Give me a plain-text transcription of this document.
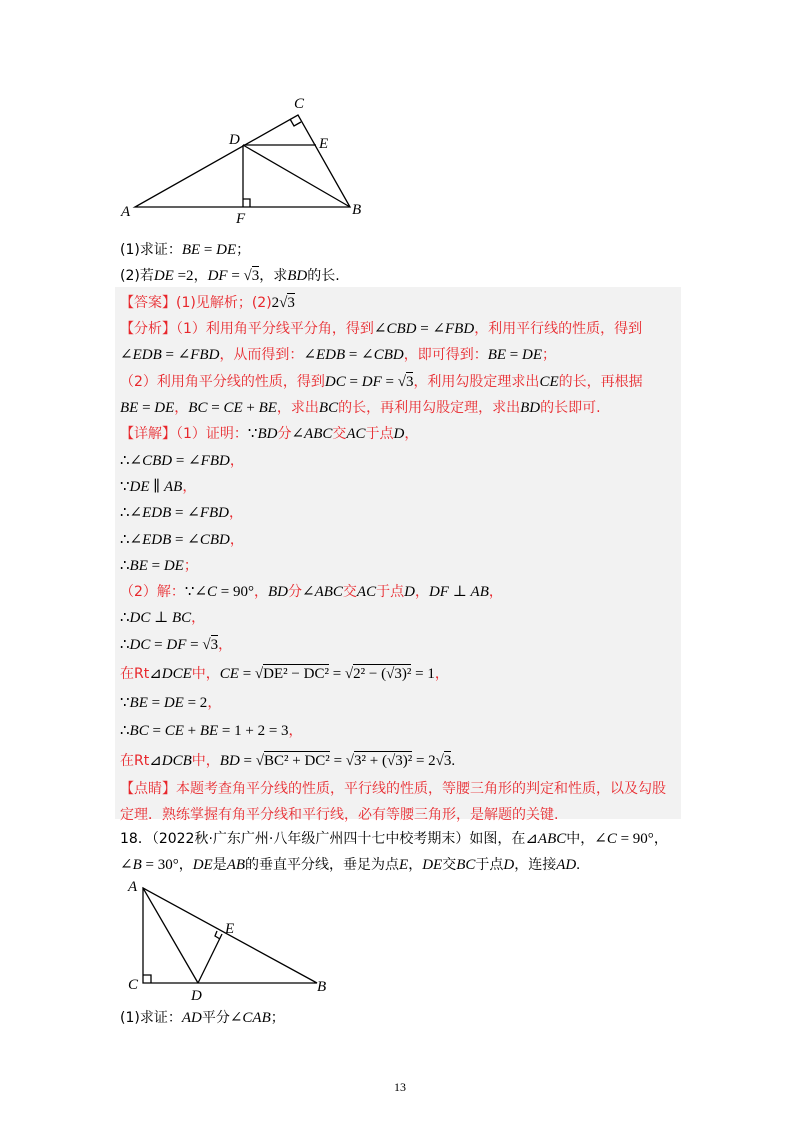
A	B
C
D	E
F
A
B
C
D
E
(1)求证：BE = DE；
(2)若DE =2，DF = √3，求BD的长.
【答案】(1)见解析；(2)2√3
【分析】（1）利用角平分线平分角，得到∠CBD = ∠FBD，利用平行线的性质，得到
∠EDB = ∠FBD，从而得到：∠EDB = ∠CBD，即可得到：BE = DE；
（2）利用角平分线的性质，得到DC = DF = √3，利用勾股定理求出CE的长，再根据
BE = DE，BC = CE + BE，求出BC的长，再利用勾股定理，求出BD的长即可.
【详解】（1）证明：∵BD分∠ABC交AC于点D，
∴∠CBD = ∠FBD，
∵DE ∥ AB，
∴∠EDB = ∠FBD，
∴∠EDB = ∠CBD，
∴BE = DE；
（2）解：∵∠C = 90°，BD分∠ABC交AC于点D，DF ⊥ AB，
∴DC ⊥ BC，
∴DC = DF = √3，
在Rt⊿DCE中，CE = √DE² − DC² = √2² − (√3)² = 1，
∵BE = DE = 2，
∴BC = CE + BE = 1 + 2 = 3，
在Rt⊿DCB中，BD = √BC² + DC² = √3² + (√3)² = 2√3.
【点睛】本题考查角平分线的性质，平行线的性质，等腰三角形的判定和性质，以及勾股
定理．熟练掌握有角平分线和平行线，必有等腰三角形，是解题的关键.
18．（2022秋·广东广州·八年级广州四十七中校考期末）如图，在⊿ABC中，∠C = 90°，
∠B = 30°，DE是AB的垂直平分线，垂足为点E，DE交BC于点D，连接AD.
(1)求证：AD平分∠CAB；
13
